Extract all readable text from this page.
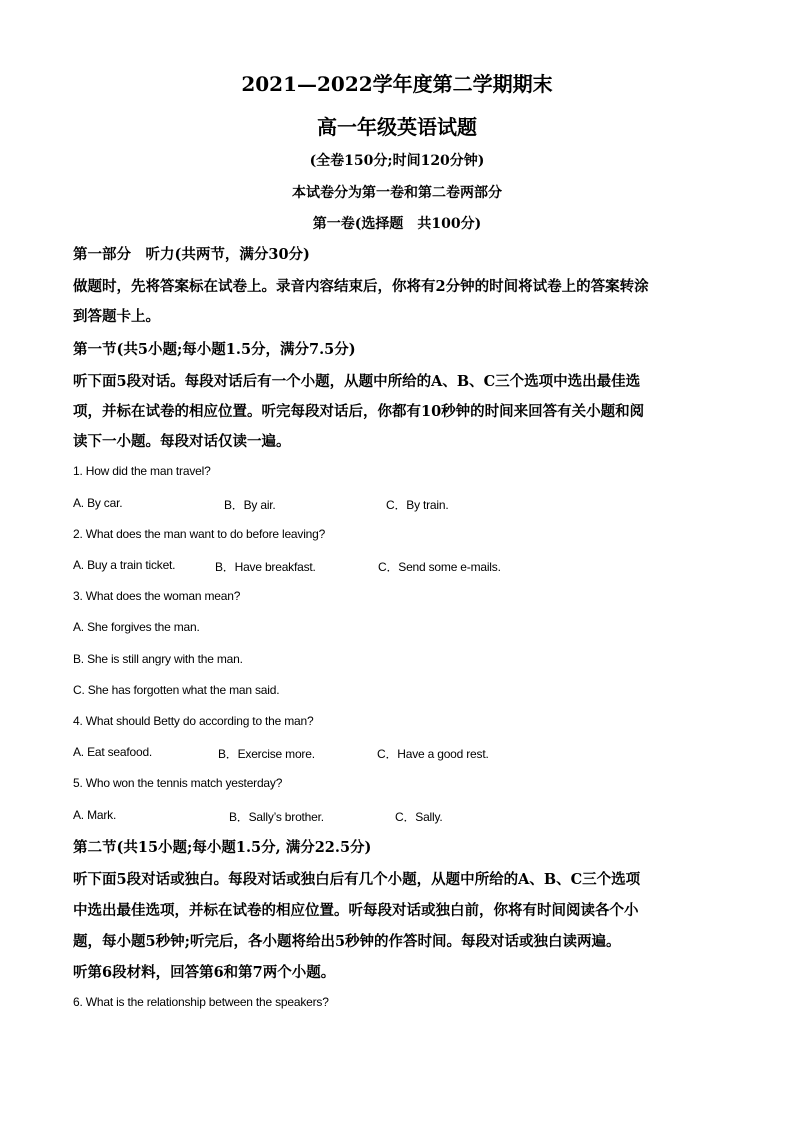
2021—2022学年度第二学期期末
高一年级英语试题
(全卷150分;时间120分钟)
本试卷分为第一卷和第二卷两部分
第一卷(选择题　共100分)
第一部分　听力(共两节，满分30分)
做题时，先将答案标在试卷上。录音内容结束后，你将有2分钟的时间将试卷上的答案转涂
到答题卡上。
第一节(共5小题;每小题1.5分，满分7.5分)
听下面5段对话。每段对话后有一个小题，从题中所给的A、B、C三个选项中选出最佳选
项，并标在试卷的相应位置。听完每段对话后，你都有10秒钟的时间来回答有关小题和阅
读下一小题。每段对话仅读一遍。
1. How did the man travel?
A. By car.	B．By air.	C．By train.
2. What does the man want to do before leaving?
A. Buy a train ticket.	B．Have breakfast.	C．Send some e-mails.
3. What does the woman mean?
A. She forgives the man.
B. She is still angry with the man.
C. She has forgotten what the man said.
4. What should Betty do according to the man?
A. Eat seafood.	B．Exercise more.	C．Have a good rest.
5. Who won the tennis match yesterday?
A. Mark.	B．Sally’s brother.	C．Sally.
第二节(共15小题;每小题1.5分, 满分22.5分)
听下面5段对话或独白。每段对话或独白后有几个小题，从题中所给的A、B、C三个选项
中选出最佳选项，并标在试卷的相应位置。听每段对话或独白前，你将有时间阅读各个小
题，每小题5秒钟;听完后，各小题将给出5秒钟的作答时间。每段对话或独白读两遍。
听第6段材料，回答第6和第7两个小题。
6. What is the relationship between the speakers?
